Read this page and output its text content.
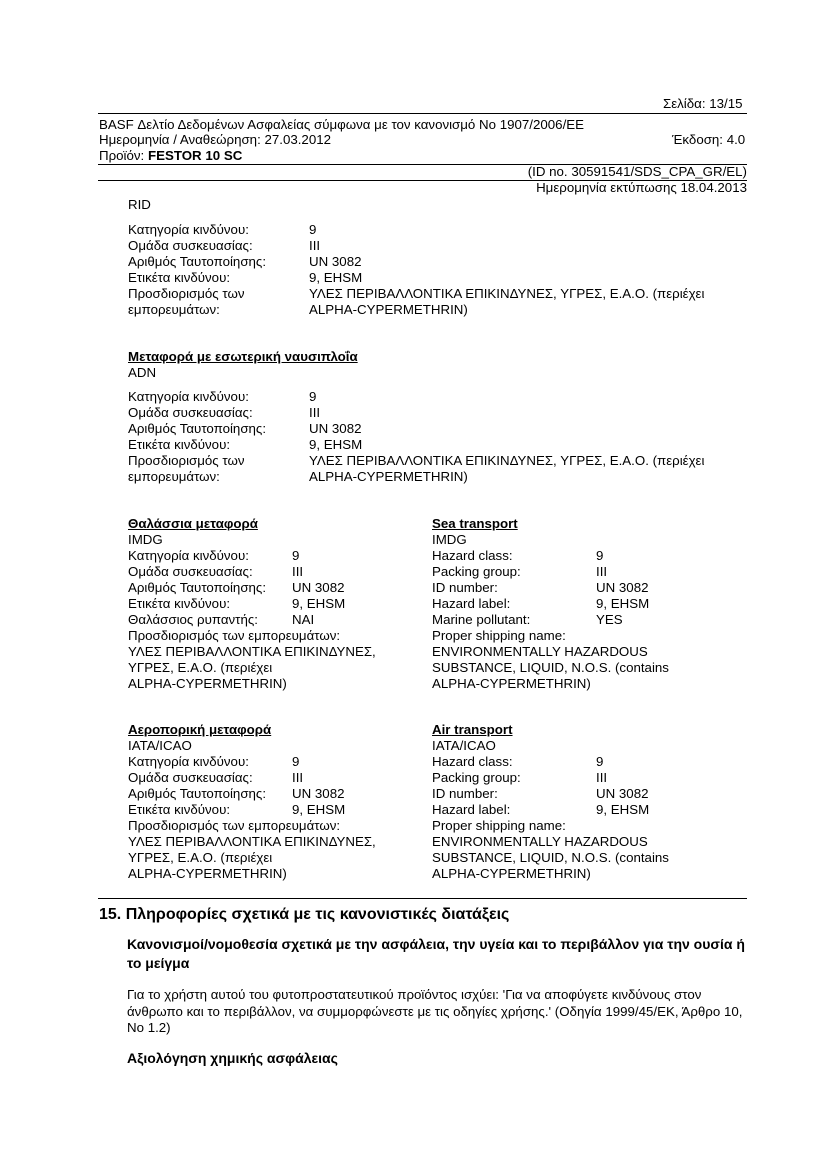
Σελίδα: 13/15
BASF Δελτίο Δεδομένων Ασφαλείας σύμφωνα με τον κανονισμό Νο 1907/2006/ΕΕ
Ημερομηνία / Αναθεώρηση: 27.03.2012	Έκδοση: 4.0
Προϊόν: FESTOR 10 SC
(ID no. 30591541/SDS_CPA_GR/EL)
Ημερομηνία εκτύπωσης 18.04.2013
RID
Κατηγορία κινδύνου:	9
Ομάδα συσκευασίας:	III
Αριθμός Ταυτοποίησης:	UN 3082
Ετικέτα κινδύνου:	9, EHSM
Προσδιορισμός των	ΥΛΕΣ ΠΕΡΙΒΑΛΛΟΝΤΙΚΑ ΕΠΙΚΙΝΔΥΝΕΣ, ΥΓΡΕΣ, Ε.Α.Ο. (περιέχει
εμπορευμάτων:	ALPHA-CYPERMETHRIN)
Μεταφορά με εσωτερική ναυσιπλοΐα
ADN
Κατηγορία κινδύνου:	9
Ομάδα συσκευασίας:	III
Αριθμός Ταυτοποίησης:	UN 3082
Ετικέτα κινδύνου:	9, EHSM
Προσδιορισμός των	ΥΛΕΣ ΠΕΡΙΒΑΛΛΟΝΤΙΚΑ ΕΠΙΚΙΝΔΥΝΕΣ, ΥΓΡΕΣ, Ε.Α.Ο. (περιέχει
εμπορευμάτων:	ALPHA-CYPERMETHRIN)
Θαλάσσια μεταφορά
IMDG
Sea transport
IMDG
Κατηγορία κινδύνου:	9
Ομάδα συσκευασίας:	III
Αριθμός Ταυτοποίησης: UN 3082
Ετικέτα κινδύνου:	9, EHSM
Θαλάσσιος ρυπαντής:	ΝΑΙ
Προσδιορισμός των εμπορευμάτων:
ΥΛΕΣ ΠΕΡΙΒΑΛΛΟΝΤΙΚΑ ΕΠΙΚΙΝΔΥΝΕΣ,
ΥΓΡΕΣ, Ε.Α.Ο. (περιέχει
ALPHA-CYPERMETHRIN)
Hazard class:	9
Packing group:	III
ID number:	UN 3082
Hazard label:	9, EHSM
Marine pollutant:	YES
Proper shipping name:
ENVIRONMENTALLY HAZARDOUS
SUBSTANCE, LIQUID, N.O.S. (contains
ALPHA-CYPERMETHRIN)
Αεροπορική μεταφορά
IATA/ICAO
Air transport
IATA/ICAO
Κατηγορία κινδύνου:	9
Ομάδα συσκευασίας:	III
Αριθμός Ταυτοποίησης: UN 3082
Ετικέτα κινδύνου:	9, EHSM
Προσδιορισμός των εμπορευμάτων:
ΥΛΕΣ ΠΕΡΙΒΑΛΛΟΝΤΙΚΑ ΕΠΙΚΙΝΔΥΝΕΣ,
ΥΓΡΕΣ, Ε.Α.Ο. (περιέχει
ALPHA-CYPERMETHRIN)
Hazard class:	9
Packing group:	III
ID number:	UN 3082
Hazard label:	9, EHSM
Proper shipping name:
ENVIRONMENTALLY HAZARDOUS
SUBSTANCE, LIQUID, N.O.S. (contains
ALPHA-CYPERMETHRIN)
15. Πληροφορίες σχετικά με τις κανονιστικές διατάξεις
Κανονισμοί/νομοθεσία σχετικά με την ασφάλεια, την υγεία και το περιβάλλον για την ουσία ή το μείγμα
Για το χρήστη αυτού του φυτοπροστατευτικού προϊόντος ισχύει: 'Για να αποφύγετε κινδύνους στον άνθρωπο και το περιβάλλον, να συμμορφώνεστε με τις οδηγίες χρήσης.' (Οδηγία 1999/45/ΕΚ, Άρθρο 10, Νο 1.2)
Αξιολόγηση χημικής ασφάλειας
